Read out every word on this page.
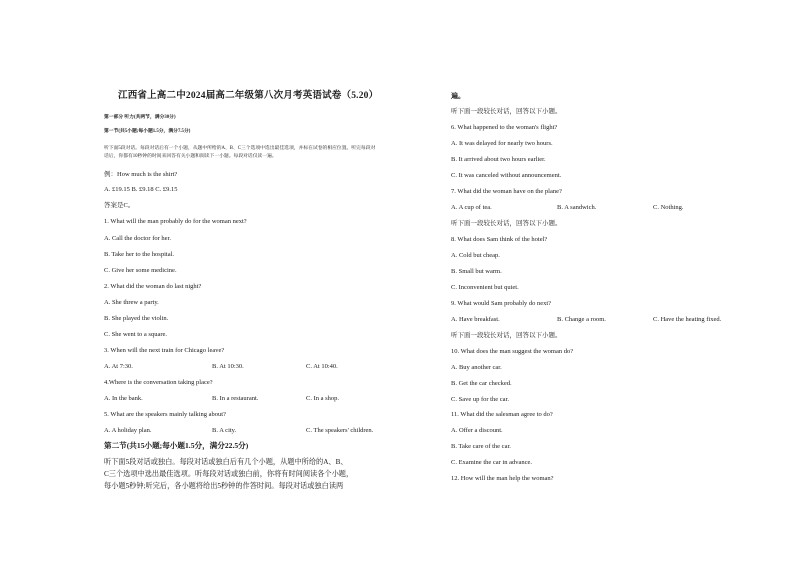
江西省上高二中2024届高二年级第八次月考英语试卷（5.20）
第一部分 听力(共两节，满分30分)
第一节(共5小题;每小题1.5分，满分7.5分)
听下面5段对话。每段对话后有一个小题，从题中所给的A、B、C三个选项中选出最佳选项，并标在试卷的相应位置。听完每段对话后，你都有10秒钟的时间来回答有关小题和阅读下一小题。每段对话仅读一遍。
例：How much is the shirt?
A. £19.15 B. £9.18 C. £9.15
答案是C。
1. What will the man probably do for the woman next?
A. Call the doctor for her.
B. Take her to the hospital.
C. Give her some medicine.
2. What did the woman do last night?
A. She threw a party.
B. She played the violin.
C. She went to a square.
3. When will the next train for Chicago leave?
A. At 7:30.	B. At 10:30.	C. At 10:40.
4.Where is the conversation taking place?
A. In the bank.	B. In a restaurant.	C. In a shop.
5. What are the speakers mainly talking about?
A. A holiday plan.	B. A city.	C. The speakers' children.
第二节(共15小题;每小题1.5分，满分22.5分)
听下面5段对话或独白。每段对话或独白后有几个小题，从题中所给的A、B、
C三个选项中选出最佳选项。听每段对话或独白前，你将有时间阅读各个小题，
每小题5秒钟;听完后，各小题将给出5秒钟的作答时间。每段对话或独白读两
遍。
听下面一段较长对话，回答以下小题。
6. What happened to the woman's flight?
A. It was delayed for nearly two hours.
B. It arrived about two hours earlier.
C. It was canceled without announcement.
7. What did the woman have on the plane?
A. A cup of tea.	B. A sandwich.	C. Nothing.
听下面一段较长对话，回答以下小题。
8. What does Sam think of the hotel?
A. Cold but cheap.
B. Small but warm.
C. Inconvenient but quiet.
9. What would Sam probably do next?
A. Have breakfast.	B. Change a room.	C. Have the heating fixed.
听下面一段较长对话，回答以下小题。
10. What does the man suggest the woman do?
A. Buy another car.
B. Get the car checked.
C. Save up for the car.
11. What did the salesman agree to do?
A. Offer a discount.
B. Take care of the car.
C. Examine the car in advance.
12. How will the man help the woman?
